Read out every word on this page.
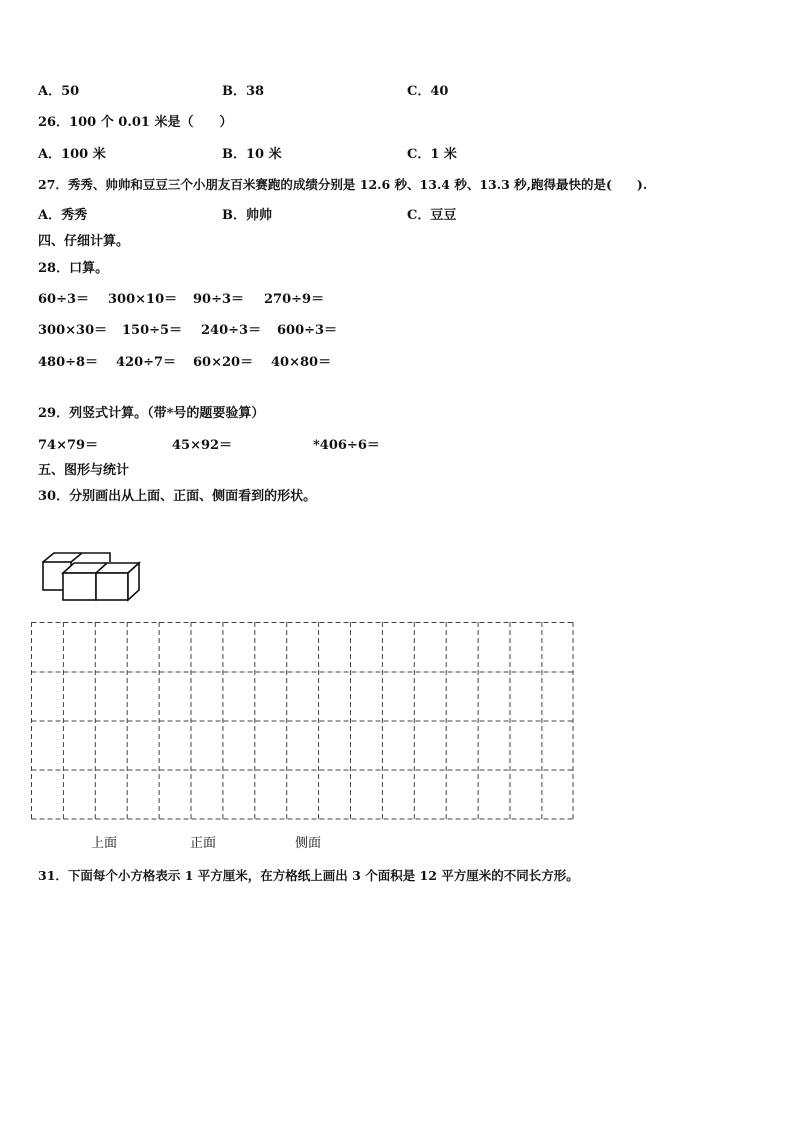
A．50	B．38	C．40
26．100 个 0.01 米是（　　）
A．100 米	B．10 米	C．1 米
27．秀秀、帅帅和豆豆三个小朋友百米赛跑的成绩分别是 12.6 秒、13.4 秒、13.3 秒,跑得最快的是(　　).
A．秀秀	B．帅帅	C．豆豆
四、仔细计算。
28．口算。
60÷3＝ 300×10＝ 90÷3＝ 270÷9＝
300×30＝ 150÷5＝ 240÷3＝ 600÷3＝
480÷8＝ 420÷7＝ 60×20＝ 40×80＝
29．列竖式计算。（带*号的题要验算）
74×79＝	45×92＝	*406÷6＝
五、图形与统计
30．分别画出从上面、正面、侧面看到的形状。
上面	正面	侧面
31．下面每个小方格表示 1 平方厘米，在方格纸上画出 3 个面积是 12 平方厘米的不同长方形。
